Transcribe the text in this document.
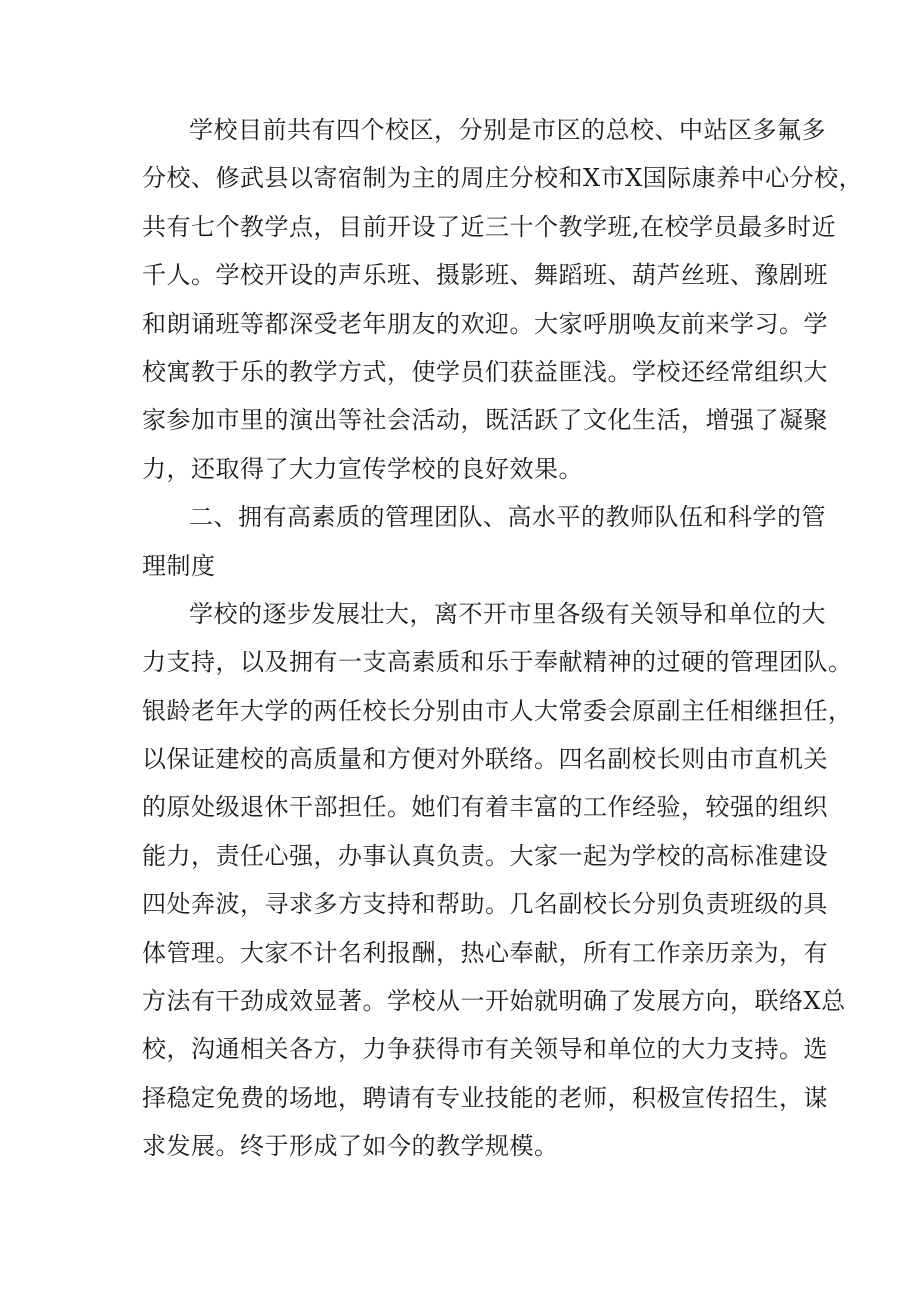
学校目前共有四个校区，分别是市区的总校、中站区多氟多
分校、修武县以寄宿制为主的周庄分校和X市X国际康养中心分校，
共有七个教学点，目前开设了近三十个教学班,在校学员最多时近
千人。学校开设的声乐班、摄影班、舞蹈班、葫芦丝班、豫剧班
和朗诵班等都深受老年朋友的欢迎。大家呼朋唤友前来学习。学
校寓教于乐的教学方式，使学员们获益匪浅。学校还经常组织大
家参加市里的演出等社会活动，既活跃了文化生活，增强了凝聚
力，还取得了大力宣传学校的良好效果。
二、拥有高素质的管理团队、高水平的教师队伍和科学的管
理制度
学校的逐步发展壮大，离不开市里各级有关领导和单位的大
力支持，以及拥有一支高素质和乐于奉献精神的过硬的管理团队。
银龄老年大学的两任校长分别由市人大常委会原副主任相继担任，
以保证建校的高质量和方便对外联络。四名副校长则由市直机关
的原处级退休干部担任。她们有着丰富的工作经验，较强的组织
能力，责任心强，办事认真负责。大家一起为学校的高标准建设
四处奔波，寻求多方支持和帮助。几名副校长分别负责班级的具
体管理。大家不计名利报酬，热心奉献，所有工作亲历亲为，有
方法有干劲成效显著。学校从一开始就明确了发展方向，联络X总
校，沟通相关各方，力争获得市有关领导和单位的大力支持。选
择稳定免费的场地，聘请有专业技能的老师，积极宣传招生，谋
求发展。终于形成了如今的教学规模。
